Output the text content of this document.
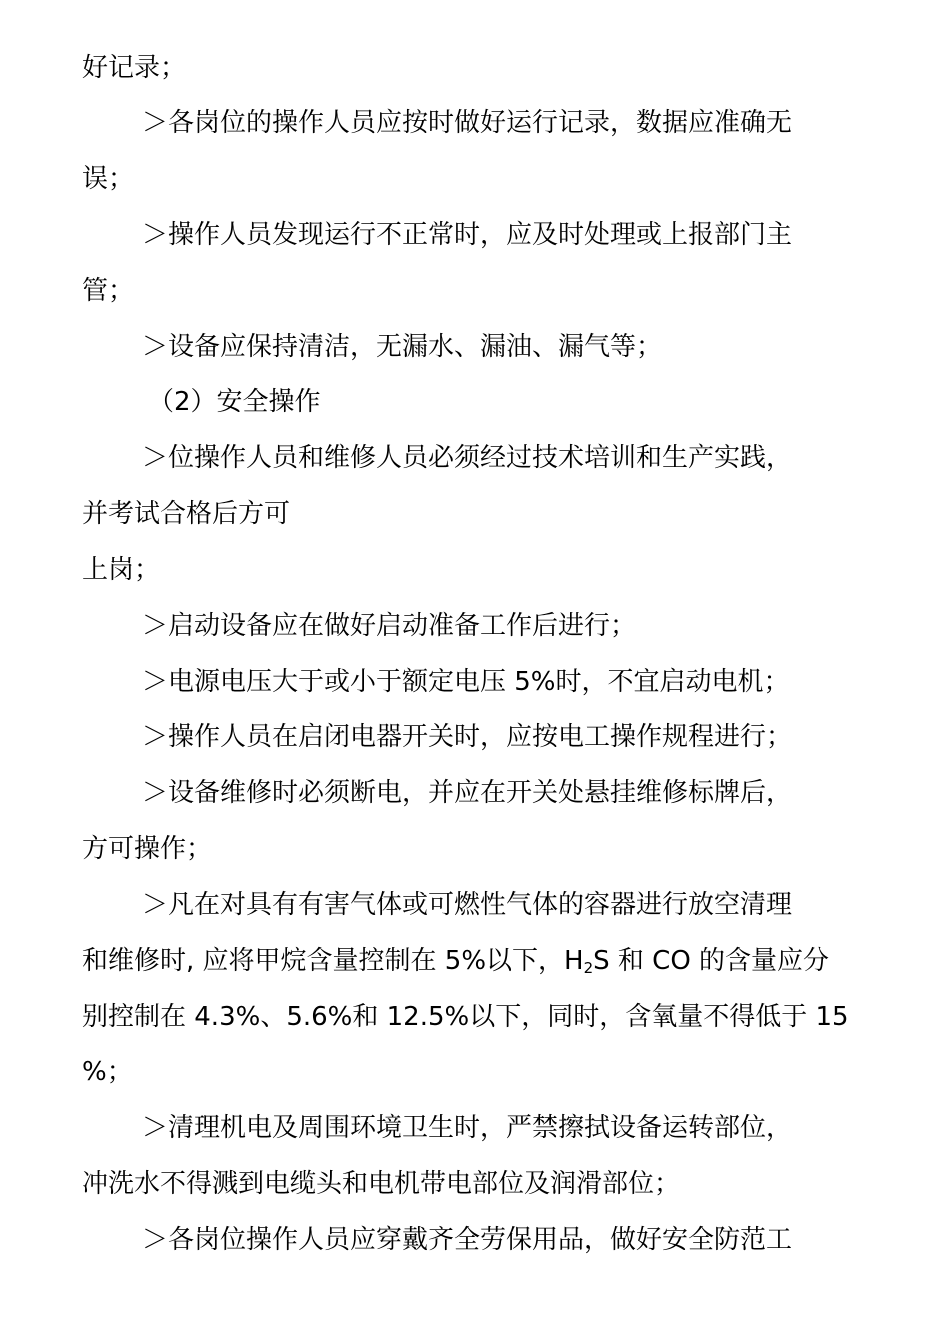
好记录；
＞各岗位的操作人员应按时做好运行记录，数据应准确无
误；
＞操作人员发现运行不正常时，应及时处理或上报部门主
管；
＞设备应保持清洁，无漏水、漏油、漏气等；
（2）安全操作
＞位操作人员和维修人员必须经过技术培训和生产实践，
并考试合格后方可
上岗；
＞启动设备应在做好启动准备工作后进行；
＞电源电压大于或小于额定电压 5%时，不宜启动电机；
＞操作人员在启闭电器开关时，应按电工操作规程进行；
＞设备维修时必须断电，并应在开关处悬挂维修标牌后，
方可操作；
＞凡在对具有有害气体或可燃性气体的容器进行放空清理
和维修时, 应将甲烷含量控制在 5%以下，$H_2S$ 和 CO 的含量应分
别控制在 4.3%、5.6%和 12.5%以下，同时，含氧量不得低于 15
%；
＞清理机电及周围环境卫生时，严禁擦拭设备运转部位，
冲洗水不得溅到电缆头和电机带电部位及润滑部位；
＞各岗位操作人员应穿戴齐全劳保用品，做好安全防范工
